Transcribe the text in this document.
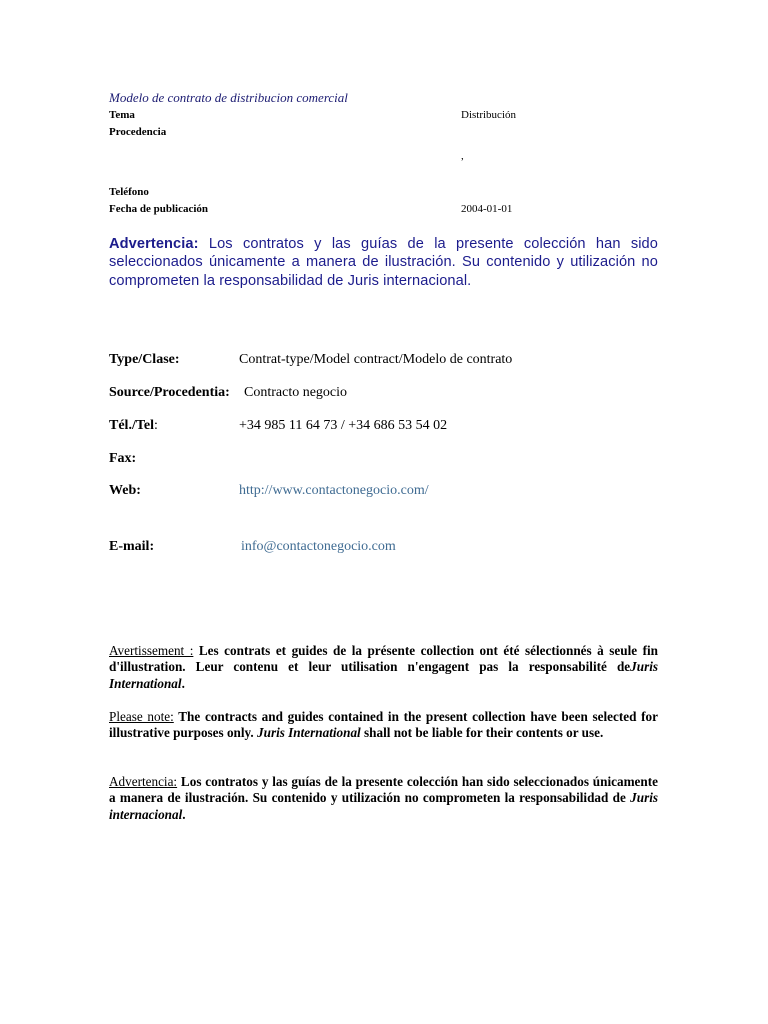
Modelo de contrato de distribucion comercial
Tema	Distribución
Procedencia
,
Teléfono
Fecha de publicación	2004-01-01
Advertencia: Los contratos y las guías de la presente colección han sido seleccionados únicamente a manera de ilustración. Su contenido y utilización no comprometen la responsabilidad de Juris internacional.
Type/Clase:	Contrat-type/Model contract/Modelo de contrato
Source/Procedentia: Contracto negocio
Tél./Tel:	+34 985 11 64 73 / +34 686 53 54 02
Fax:
Web:	http://www.contactonegocio.com/
E-mail:	info@contactonegocio.com
Avertissement : Les contrats et guides de la présente collection ont été sélectionnés à seule fin d'illustration. Leur contenu et leur utilisation n'engagent pas la responsabilité deJuris International.
Please note: The contracts and guides contained in the present collection have been selected for illustrative purposes only. Juris International shall not be liable for their contents or use.
Advertencia: Los contratos y las guías de la presente colección han sido seleccionados únicamente a manera de ilustración. Su contenido y utilización no comprometen la responsabilidad de Juris internacional.
